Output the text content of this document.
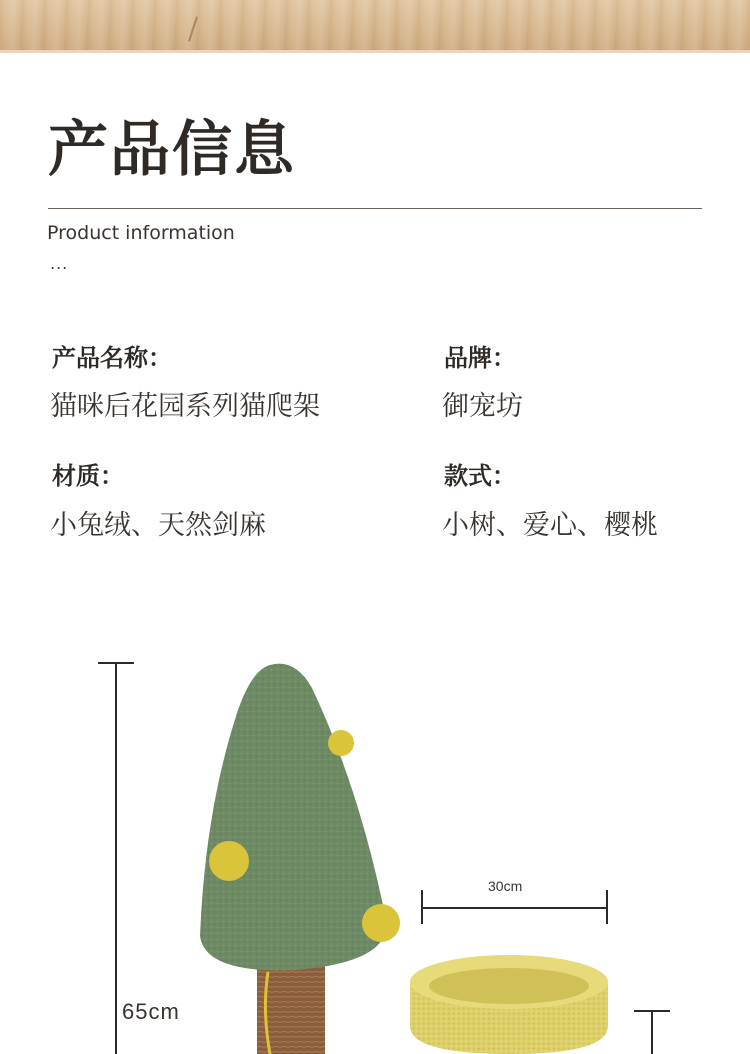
产品信息
Product information
...
产品名称：
猫咪后花园系列猫爬架
品牌：
御宠坊
材质：
小兔绒、天然剑麻
款式：
小树、爱心、樱桃
65cm
30cm
